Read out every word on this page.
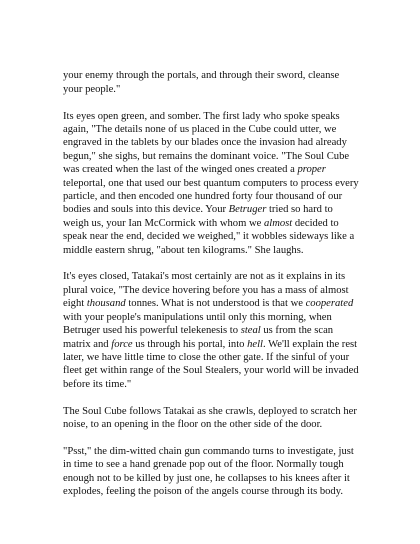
your enemy through the portals, and through their sword, cleanse your people."

Its eyes open green, and somber. The first lady who spoke speaks again, "The details none of us placed in the Cube could utter, we engraved in the tablets by our blades once the invasion had already begun," she sighs, but remains the dominant voice. "The Soul Cube was created when the last of the winged ones created a proper teleportal, one that used our best quantum computers to process every particle, and then encoded one hundred forty four thousand of our bodies and souls into this device. Your Betruger tried so hard to weigh us, your Ian McCormick with whom we almost decided to speak near the end, decided we weighed," it wobbles sideways like a middle eastern shrug, "about ten kilograms." She laughs.

It's eyes closed, Tatakai's most certainly are not as it explains in its plural voice, "The device hovering before you has a mass of almost eight thousand tonnes. What is not understood is that we cooperated with your people's manipulations until only this morning, when Betruger used his powerful telekenesis to steal us from the scan matrix and force us through his portal, into hell. We'll explain the rest later, we have little time to close the other gate. If the sinful of your fleet get within range of the Soul Stealers, your world will be invaded before its time."

The Soul Cube follows Tatakai as she crawls, deployed to scratch her noise, to an opening in the floor on the other side of the door.

"Psst," the dim-witted chain gun commando turns to investigate, just in time to see a hand grenade pop out of the floor. Normally tough enough not to be killed by just one, he collapses to his knees after it explodes, feeling the poison of the angels course through its body.
